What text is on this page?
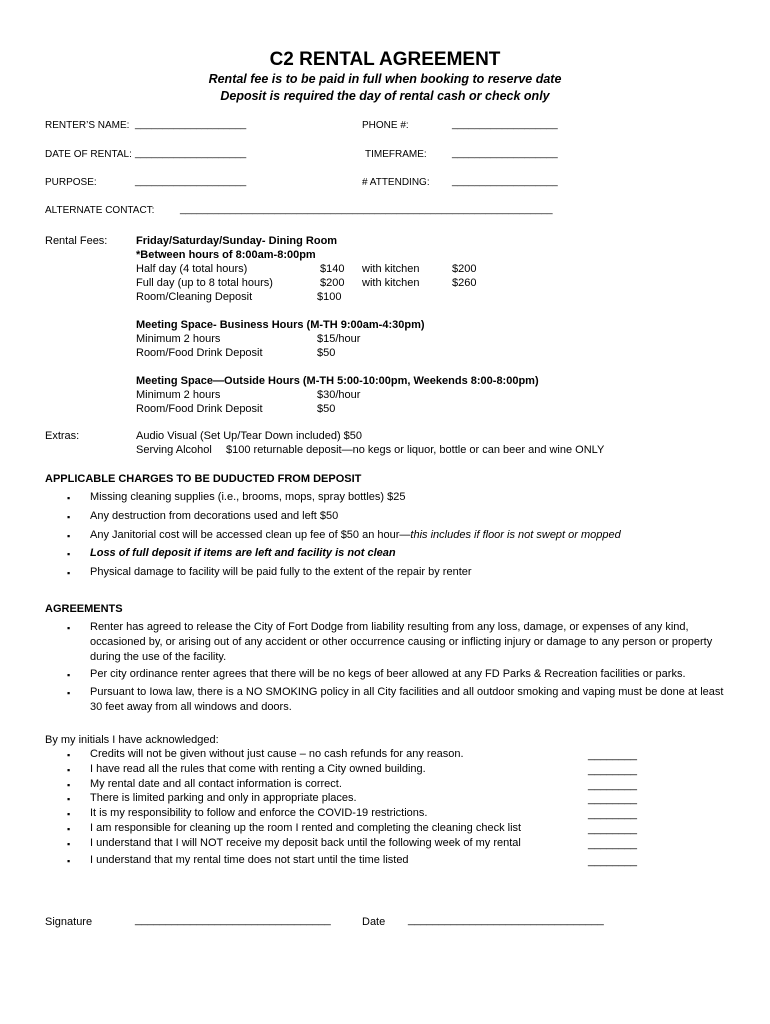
C2 RENTAL AGREEMENT
Rental fee is to be paid in full when booking to reserve date
Deposit is required the day of rental cash or check only
RENTER’S NAME: ____________________	PHONE #:	___________________
DATE OF RENTAL: ____________________	TIMEFRAME:	___________________
PURPOSE:	____________________	# ATTENDING: ___________________
ALTERNATE CONTACT:	___________________________________________________________________
Rental Fees:	Friday/Saturday/Sunday- Dining Room
*Between hours of 8:00am-8:00pm
Half day (4 total hours)	$140 with kitchen	$200
Full day (up to 8 total hours)	$200 with kitchen	$260
Room/Cleaning Deposit	$100
Meeting Space- Business Hours (M-TH 9:00am-4:30pm)
Minimum 2 hours	$15/hour
Room/Food Drink Deposit	$50
Meeting Space—Outside Hours (M-TH 5:00-10:00pm, Weekends 8:00-8:00pm)
Minimum 2 hours	$30/hour
Room/Food Drink Deposit	$50
Extras:	Audio Visual (Set Up/Tear Down included) $50
Serving Alcohol $100 returnable deposit—no kegs or liquor, bottle or can beer and wine ONLY
APPLICABLE CHARGES TO BE DUDUCTED FROM DEPOSIT
▪ Missing cleaning supplies (i.e., brooms, mops, spray bottles) $25
▪ Any destruction from decorations used and left $50
▪ Any Janitorial cost will be accessed clean up fee of $50 an hour—this includes if floor is not swept or mopped
▪ Loss of full deposit if items are left and facility is not clean
▪ Physical damage to facility will be paid fully to the extent of the repair by renter
AGREEMENTS
▪ Renter has agreed to release the City of Fort Dodge from liability resulting from any loss, damage, or expenses of any kind, occasioned by, or arising out of any accident or other occurrence causing or inflicting injury or damage to any person or property during the use of the facility.
▪ Per city ordinance renter agrees that there will be no kegs of beer allowed at any FD Parks & Recreation facilities or parks.
▪ Pursuant to Iowa law, there is a NO SMOKING policy in all City facilities and all outdoor smoking and vaping must be done at least 30 feet away from all windows and doors.
By my initials I have acknowledged:
▪ Credits will not be given without just cause – no cash refunds for any reason.	________
▪ I have read all the rules that come with renting a City owned building.	________
▪ My rental date and all contact information is correct.	________
▪ There is limited parking and only in appropriate places.	________
▪ It is my responsibility to follow and enforce the COVID-19 restrictions.	________
▪ I am responsible for cleaning up the room I rented and completing the cleaning check list	________
▪ I understand that I will NOT receive my deposit back until the following week of my rental	________
▪ I understand that my rental time does not start until the time listed	________
Signature	________________________________	Date ________________________________
